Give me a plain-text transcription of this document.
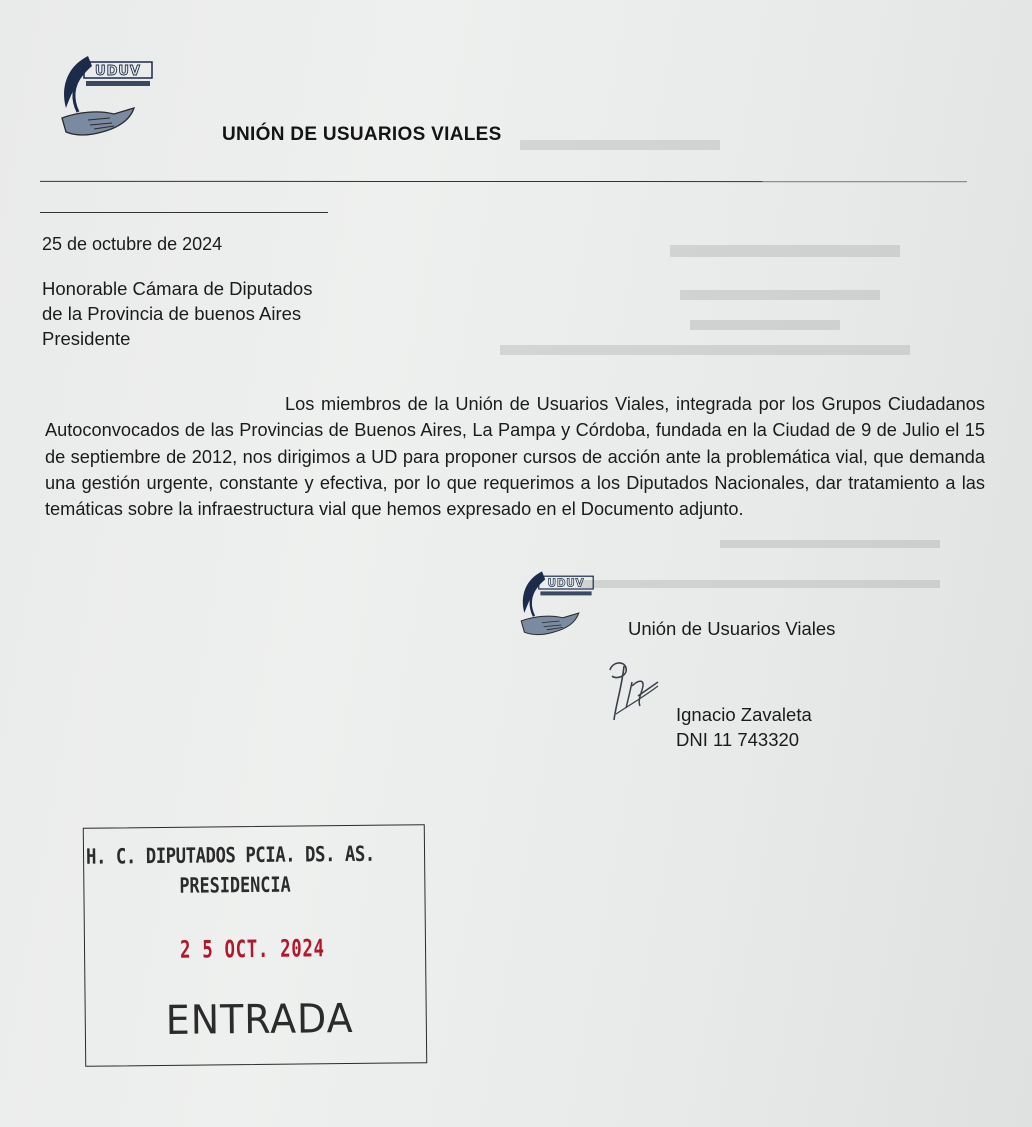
UDUV
UNIÓN DE USUARIOS VIALES
25 de octubre de 2024
Honorable Cámara de Diputados
de la Provincia de buenos Aires
Presidente
Los miembros de la Unión de Usuarios Viales, integrada por los Grupos Ciudadanos Autoconvocados de las Provincias de Buenos Aires, La Pampa y Córdoba, fundada en la Ciudad de 9 de Julio el 15 de septiembre de 2012, nos dirigimos a UD para proponer cursos de acción ante la problemática vial, que demanda una gestión urgente, constante y efectiva, por lo que requerimos a los Diputados Nacionales, dar tratamiento a las temáticas sobre la infraestructura vial que hemos expresado en el Documento adjunto.
UDUV
Unión de Usuarios Viales
Ignacio Zavaleta
DNI 11 743320
H. C. DIPUTADOS PCIA. DS. AS.
PRESIDENCIA
2 5 OCT. 2024
ENTRADA
